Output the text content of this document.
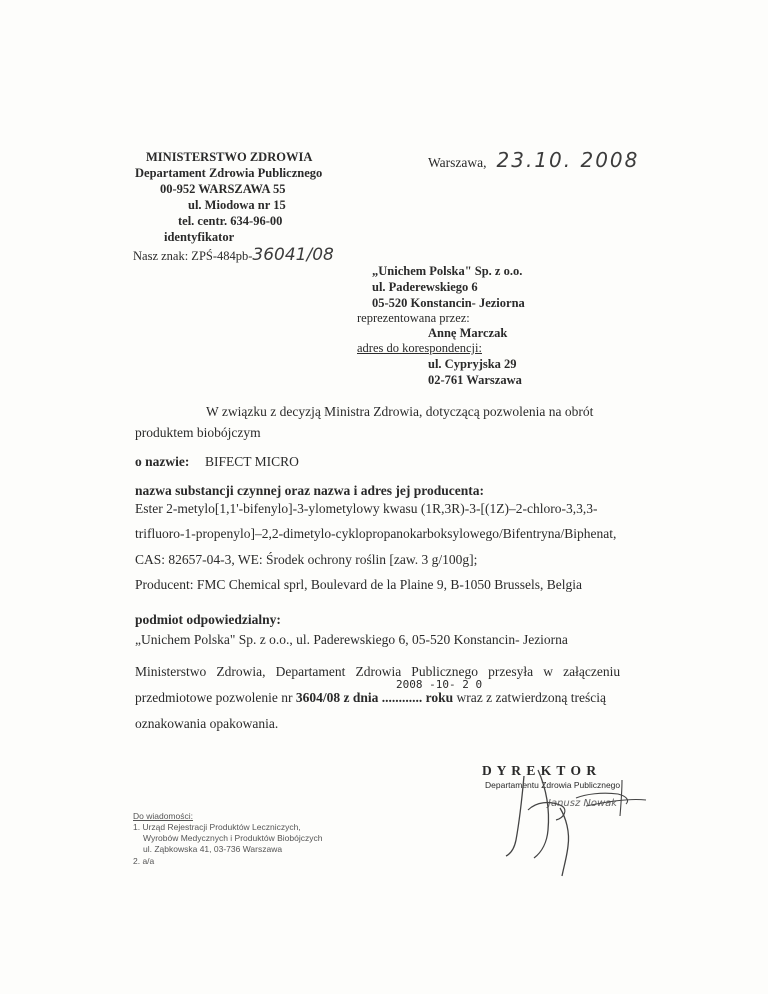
MINISTERSTWO ZDROWIA
Departament Zdrowia Publicznego
00-952 WARSZAWA 55
ul. Miodowa nr 15
tel. centr. 634-96-00
identyfikator
Nasz znak: ZPŚ-484pb-36041/08
Warszawa, 23.10. 2008
„Unichem Polska" Sp. z o.o.
ul. Paderewskiego 6
05-520 Konstancin- Jeziorna
reprezentowana przez:
Annę Marczak
adres do korespondencji:
ul. Cypryjska 29
02-761 Warszawa
W związku z decyzją Ministra Zdrowia, dotyczącą pozwolenia na obrót
produktem biobójczym
o nazwie: BIFECT MICRO
nazwa substancji czynnej oraz nazwa i adres jej producenta:
Ester 2-metylo[1,1'-bifenylo]-3-ylometylowy kwasu (1R,3R)-3-[(1Z)–2-chloro-3,3,3-
trifluoro-1-propenylo]–2,2-dimetylo-cyklopropanokarboksylowego/Bifentryna/Biphenat,
CAS: 82657-04-3, WE: Środek ochrony roślin [zaw. 3 g/100g];
Producent: FMC Chemical sprl, Boulevard de la Plaine 9, B-1050 Brussels, Belgia
podmiot odpowiedzialny:
„Unichem Polska" Sp. z o.o., ul. Paderewskiego 6, 05-520 Konstancin- Jeziorna
Ministerstwo   Zdrowia,   Departament   Zdrowia   Publicznego   przesyła   w   załączeniu
2008 -10- 2 0
przedmiotowe pozwolenie nr 3604/08 z dnia ............ roku wraz z zatwierdzoną treścią
oznakowania opakowania.
D Y R E K T O R
Departamentu Zdrowia Publicznego
Janusz Nowak
Do wiadomości:
1. Urząd Rejestracji Produktów Leczniczych,
Wyrobów Medycznych i Produktów Biobójczych
ul. Ząbkowska 41, 03-736 Warszawa
2. a/a
